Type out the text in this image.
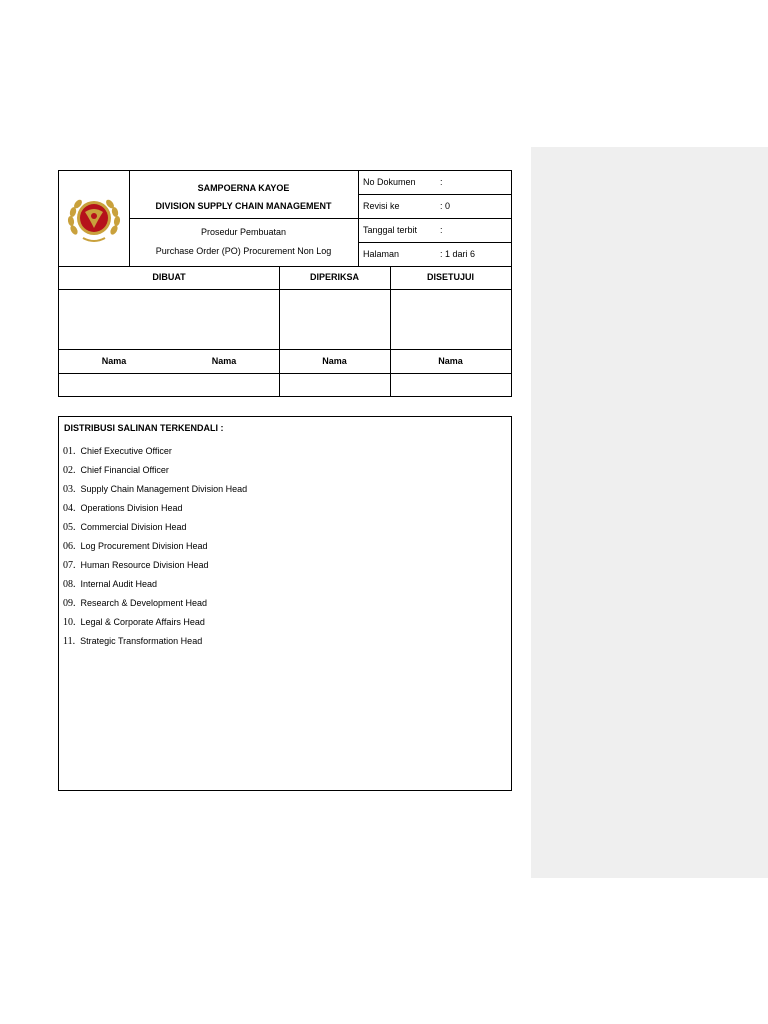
SAMPOERNA KAYOE
DIVISION SUPPLY CHAIN MANAGEMENT
Prosedur Pembuatan
Purchase Order (PO) Procurement Non Log
No Dokumen	:
Revisi ke	: 0
Tanggal terbit	:
Halaman	: 1 dari 6
DIBUAT	DIPERIKSA	DISETUJUI
Nama	Nama	Nama	Nama
DISTRIBUSI SALINAN TERKENDALI :
01. Chief Executive Officer
02. Chief Financial Officer
03. Supply Chain Management Division Head
04. Operations Division Head
05. Commercial Division Head
06. Log Procurement Division Head
07. Human Resource Division Head
08. Internal Audit Head
09. Research & Development Head
10. Legal & Corporate Affairs Head
11. Strategic Transformation Head
